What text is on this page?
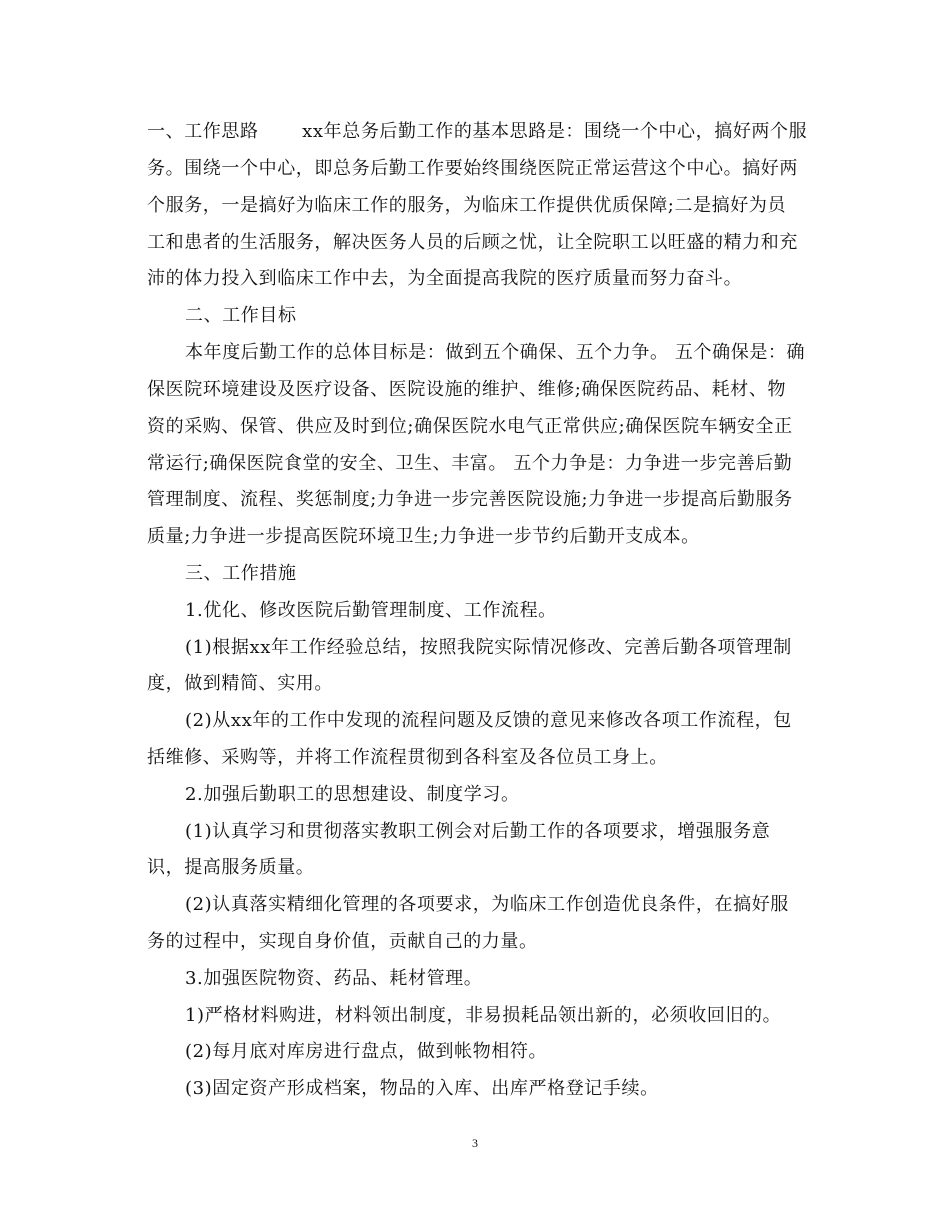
一、工作思路　　 xx年总务后勤工作的基本思路是：围绕一个中心，搞好两个服
务。围绕一个中心，即总务后勤工作要始终围绕医院正常运营这个中心。搞好两
个服务，一是搞好为临床工作的服务，为临床工作提供优质保障;二是搞好为员
工和患者的生活服务，解决医务人员的后顾之忧，让全院职工以旺盛的精力和充
沛的体力投入到临床工作中去，为全面提高我院的医疗质量而努力奋斗。
二、工作目标
本年度后勤工作的总体目标是：做到五个确保、五个力争。 五个确保是：确
保医院环境建设及医疗设备、医院设施的维护、维修;确保医院药品、耗材、物
资的采购、保管、供应及时到位;确保医院水电气正常供应;确保医院车辆安全正
常运行;确保医院食堂的安全、卫生、丰富。 五个力争是：力争进一步完善后勤
管理制度、流程、奖惩制度;力争进一步完善医院设施;力争进一步提高后勤服务
质量;力争进一步提高医院环境卫生;力争进一步节约后勤开支成本。
三、工作措施
1.优化、修改医院后勤管理制度、工作流程。
(1)根据xx年工作经验总结，按照我院实际情况修改、完善后勤各项管理制
度，做到精简、实用。
(2)从xx年的工作中发现的流程问题及反馈的意见来修改各项工作流程，包
括维修、采购等，并将工作流程贯彻到各科室及各位员工身上。
2.加强后勤职工的思想建设、制度学习。
(1)认真学习和贯彻落实教职工例会对后勤工作的各项要求，增强服务意
识，提高服务质量。
(2)认真落实精细化管理的各项要求，为临床工作创造优良条件，在搞好服
务的过程中，实现自身价值，贡献自己的力量。
3.加强医院物资、药品、耗材管理。
1)严格材料购进，材料领出制度，非易损耗品领出新的，必须收回旧的。
(2)每月底对库房进行盘点，做到帐物相符。
(3)固定资产形成档案，物品的入库、出库严格登记手续。
3
